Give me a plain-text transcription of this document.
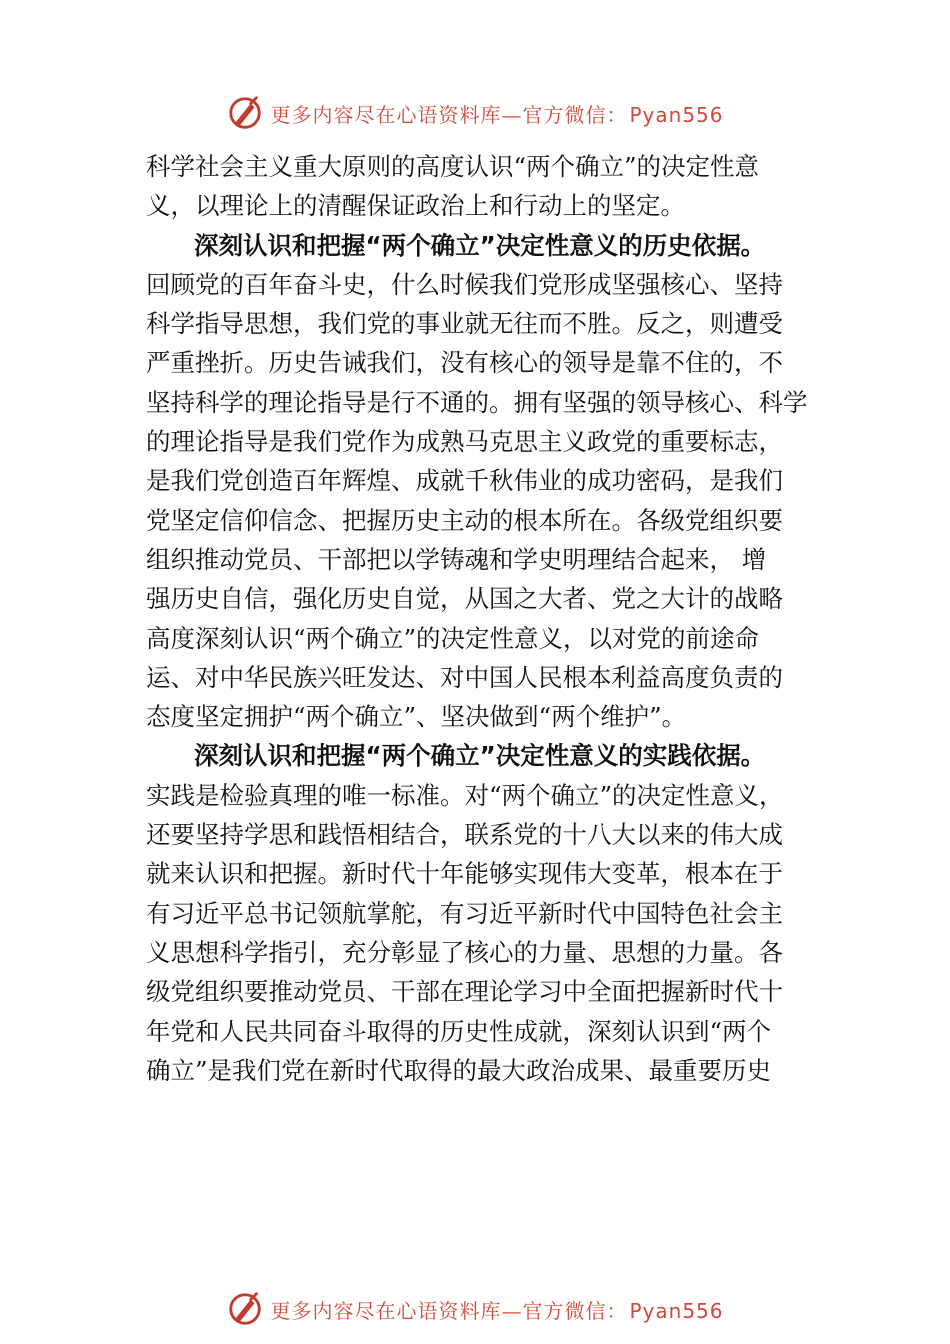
更多内容尽在心语资料库—官方微信： Pyan556
科学社会主义重大原则的高度认识“两个确立”的决定性意
义，以理论上的清醒保证政治上和行动上的坚定。
深刻认识和把握“两个确立”决定性意义的历史依据。
回顾党的百年奋斗史，什么时候我们党形成坚强核心、坚持
科学指导思想，我们党的事业就无往而不胜。反之，则遭受
严重挫折。历史告诫我们，没有核心的领导是靠不住的，不
坚持科学的理论指导是行不通的。拥有坚强的领导核心、科学
的理论指导是我们党作为成熟马克思主义政党的重要标志，
是我们党创造百年辉煌、成就千秋伟业的成功密码，是我们
党坚定信仰信念、把握历史主动的根本所在。各级党组织要
组织推动党员、干部把以学铸魂和学史明理结合起来， 增
强历史自信，强化历史自觉，从国之大者、党之大计的战略
高度深刻认识“两个确立”的决定性意义，以对党的前途命
运、对中华民族兴旺发达、对中国人民根本利益高度负责的
态度坚定拥护“两个确立”、坚决做到“两个维护”。
深刻认识和把握“两个确立”决定性意义的实践依据。
实践是检验真理的唯一标准。对“两个确立”的决定性意义，
还要坚持学思和践悟相结合，联系党的十八大以来的伟大成
就来认识和把握。新时代十年能够实现伟大变革，根本在于
有习近平总书记领航掌舵，有习近平新时代中国特色社会主
义思想科学指引，充分彰显了核心的力量、思想的力量。各
级党组织要推动党员、干部在理论学习中全面把握新时代十
年党和人民共同奋斗取得的历史性成就，深刻认识到“两个
确立”是我们党在新时代取得的最大政治成果、最重要历史
更多内容尽在心语资料库—官方微信： Pyan556
